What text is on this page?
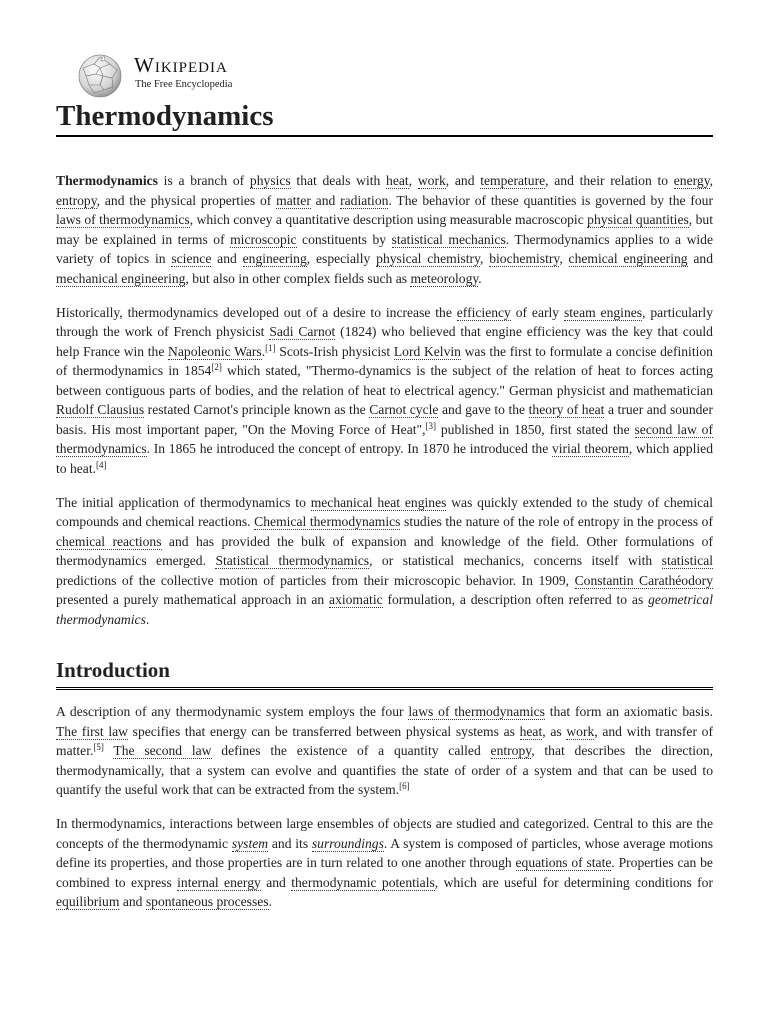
Wikipedia
The Free Encyclopedia
Thermodynamics

Thermodynamics is a branch of physics that deals with heat, work, and temperature, and their relation to energy, entropy, and the physical properties of matter and radiation. The behavior of these quantities is governed by the four laws of thermodynamics, which convey a quantitative description using measurable macroscopic physical quantities, but may be explained in terms of microscopic constituents by statistical mechanics. Thermodynamics applies to a wide variety of topics in science and engineering, especially physical chemistry, biochemistry, chemical engineering and mechanical engineering, but also in other complex fields such as meteorology.

Historically, thermodynamics developed out of a desire to increase the efficiency of early steam engines, particularly through the work of French physicist Sadi Carnot (1824) who believed that engine efficiency was the key that could help France win the Napoleonic Wars.[1] Scots-Irish physicist Lord Kelvin was the first to formulate a concise definition of thermodynamics in 1854[2] which stated, "Thermo-dynamics is the subject of the relation of heat to forces acting between contiguous parts of bodies, and the relation of heat to electrical agency." German physicist and mathematician Rudolf Clausius restated Carnot's principle known as the Carnot cycle and gave to the theory of heat a truer and sounder basis. His most important paper, "On the Moving Force of Heat",[3] published in 1850, first stated the second law of thermodynamics. In 1865 he introduced the concept of entropy. In 1870 he introduced the virial theorem, which applied to heat.[4]

The initial application of thermodynamics to mechanical heat engines was quickly extended to the study of chemical compounds and chemical reactions. Chemical thermodynamics studies the nature of the role of entropy in the process of chemical reactions and has provided the bulk of expansion and knowledge of the field. Other formulations of thermodynamics emerged. Statistical thermodynamics, or statistical mechanics, concerns itself with statistical predictions of the collective motion of particles from their microscopic behavior. In 1909, Constantin Carathéodory presented a purely mathematical approach in an axiomatic formulation, a description often referred to as geometrical thermodynamics.

Introduction

A description of any thermodynamic system employs the four laws of thermodynamics that form an axiomatic basis. The first law specifies that energy can be transferred between physical systems as heat, as work, and with transfer of matter.[5] The second law defines the existence of a quantity called entropy, that describes the direction, thermodynamically, that a system can evolve and quantifies the state of order of a system and that can be used to quantify the useful work that can be extracted from the system.[6]

In thermodynamics, interactions between large ensembles of objects are studied and categorized. Central to this are the concepts of the thermodynamic system and its surroundings. A system is composed of particles, whose average motions define its properties, and those properties are in turn related to one another through equations of state. Properties can be combined to express internal energy and thermodynamic potentials, which are useful for determining conditions for equilibrium and spontaneous processes.
